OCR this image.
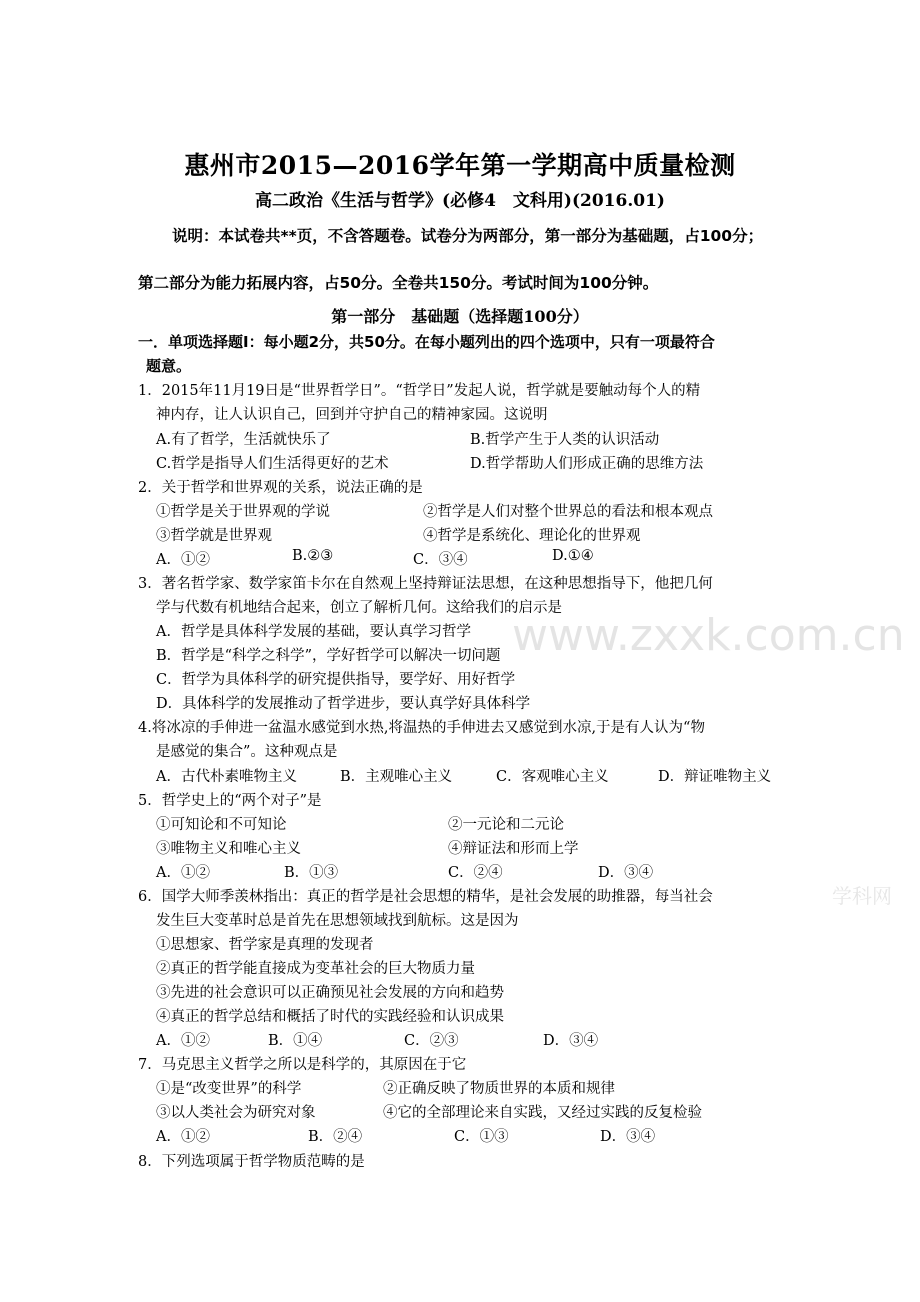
www.zxxk.com.cn
学科网
惠州市2015—2016学年第一学期高中质量检测
高二政治《生活与哲学》(必修4　文科用)(2016.01)
说明：本试卷共**页，不含答题卷。试卷分为两部分，第一部分为基础题，占100分；
第二部分为能力拓展内容，占50分。全卷共150分。考试时间为100分钟。
第一部分　基础题（选择题100分）
一．单项选择题Ⅰ：每小题2分，共50分。在每小题列出的四个选项中，只有一项最符合
题意。
1．2015年11月19日是“世界哲学日”。“哲学日”发起人说，哲学就是要触动每个人的精
神内存，让人认识自己，回到并守护自己的精神家园。这说明
A.有了哲学，生活就快乐了	B.哲学产生于人类的认识活动
C.哲学是指导人们生活得更好的艺术	D.哲学帮助人们形成正确的思维方法
2．关于哲学和世界观的关系，说法正确的是
①哲学是关于世界观的学说	②哲学是人们对整个世界总的看法和根本观点
③哲学就是世界观	④哲学是系统化、理论化的世界观
A．①②	B.②③	C．③④	D.①④
3．著名哲学家、数学家笛卡尔在自然观上坚持辩证法思想，在这种思想指导下，他把几何
学与代数有机地结合起来，创立了解析几何。这给我们的启示是
A．哲学是具体科学发展的基础，要认真学习哲学
B．哲学是“科学之科学”，学好哲学可以解决一切问题
C．哲学为具体科学的研究提供指导，要学好、用好哲学
D．具体科学的发展推动了哲学进步，要认真学好具体科学
4.将冰凉的手伸进一盆温水感觉到水热,将温热的手伸进去又感觉到水凉,于是有人认为“物
是感觉的集合”。这种观点是
A．古代朴素唯物主义	B．主观唯心主义	C．客观唯心主义	D．辩证唯物主义
5．哲学史上的“两个对子”是
①可知论和不可知论	②一元论和二元论
③唯物主义和唯心主义	④辩证法和形而上学
A．①②	B．①③	C．②④	D．③④
6．国学大师季羡林指出：真正的哲学是社会思想的精华，是社会发展的助推器，每当社会
发生巨大变革时总是首先在思想领域找到航标。这是因为
①思想家、哲学家是真理的发现者
②真正的哲学能直接成为变革社会的巨大物质力量
③先进的社会意识可以正确预见社会发展的方向和趋势
④真正的哲学总结和概括了时代的实践经验和认识成果
A．①②	B．①④	C．②③	D．③④
7．马克思主义哲学之所以是科学的，其原因在于它
①是“改变世界”的科学	②正确反映了物质世界的本质和规律
③以人类社会为研究对象	④它的全部理论来自实践，又经过实践的反复检验
A．①②	B．②④	C．①③	D．③④
8．下列选项属于哲学物质范畴的是
